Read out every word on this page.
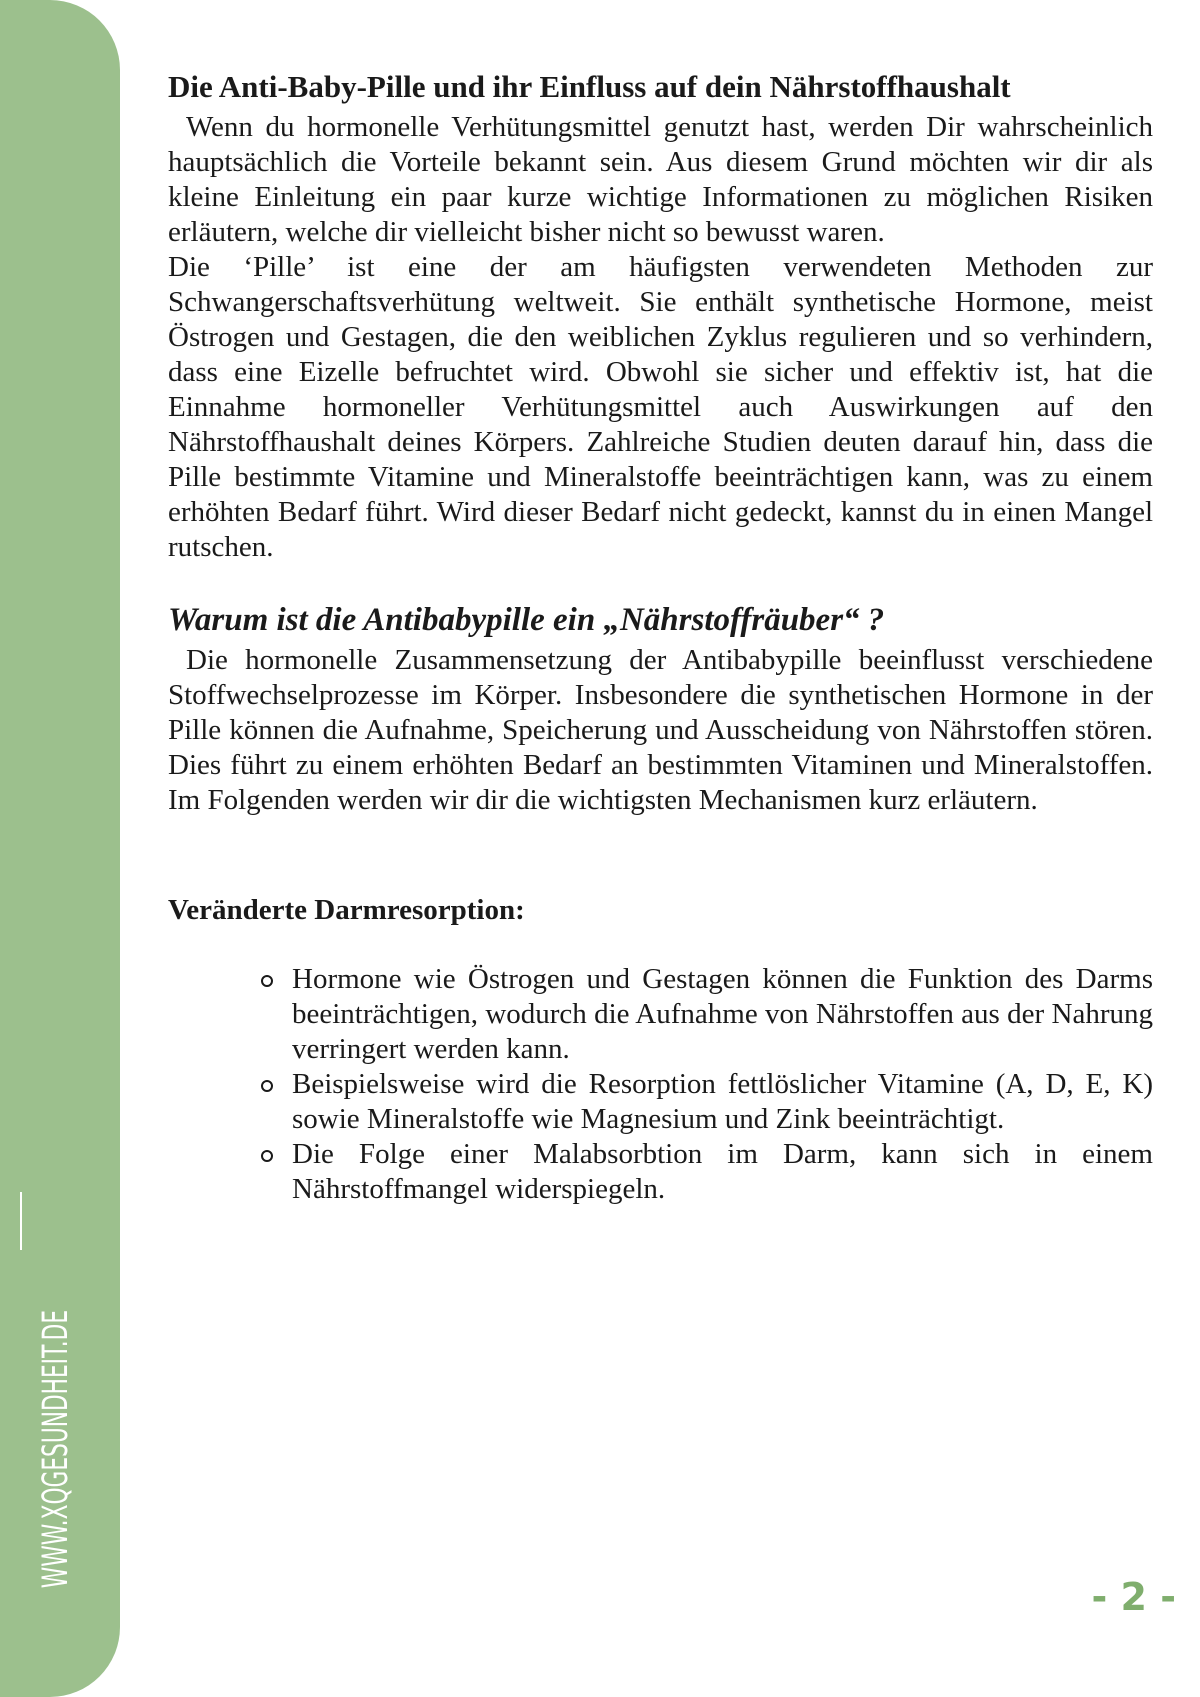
WWW.XQGESUNDHEIT.DE
Die Anti-Baby-Pille und ihr Einfluss auf dein Nährstoffhaushalt

Wenn du hormonelle Verhütungsmittel genutzt hast, werden Dir wahrscheinlich hauptsächlich die Vorteile bekannt sein. Aus diesem Grund möchten wir dir als kleine Einleitung ein paar kurze wichtige Informationen zu möglichen Risiken erläutern, welche dir vielleicht bisher nicht so bewusst waren.

Die ‘Pille’ ist eine der am häufigsten verwendeten Methoden zur Schwangerschaftsverhütung weltweit. Sie enthält synthetische Hormone, meist Östrogen und Gestagen, die den weiblichen Zyklus regulieren und so verhindern, dass eine Eizelle befruchtet wird. Obwohl sie sicher und effektiv ist, hat die Einnahme hormoneller Verhütungsmittel auch Auswirkungen auf den Nährstoffhaushalt deines Körpers. Zahlreiche Studien deuten darauf hin, dass die Pille bestimmte Vitamine und Mineralstoffe beeinträchtigen kann, was zu einem erhöhten Bedarf führt. Wird dieser Bedarf nicht gedeckt, kannst du in einen Mangel rutschen.

Warum ist die Antibabypille ein „Nährstoffräuber“ ?

Die hormonelle Zusammensetzung der Antibabypille beeinflusst verschiedene Stoffwechselprozesse im Körper. Insbesondere die synthetischen Hormone in der Pille können die Aufnahme, Speicherung und Ausscheidung von Nährstoffen stören. Dies führt zu einem erhöhten Bedarf an bestimmten Vitaminen und Mineralstoffen. Im Folgenden werden wir dir die wichtigsten Mechanismen kurz erläutern.

Veränderte Darmresorption:
Hormone wie Östrogen und Gestagen können die Funktion des Darms beeinträchtigen, wodurch die Aufnahme von Nährstoffen aus der Nahrung verringert werden kann.
Beispielsweise wird die Resorption fettlöslicher Vitamine (A, D, E, K) sowie Mineralstoffe wie Magnesium und Zink beeinträchtigt.
Die Folge einer Malabsorbtion im Darm, kann sich in einem Nährstoffmangel widerspiegeln.
- 2 -
